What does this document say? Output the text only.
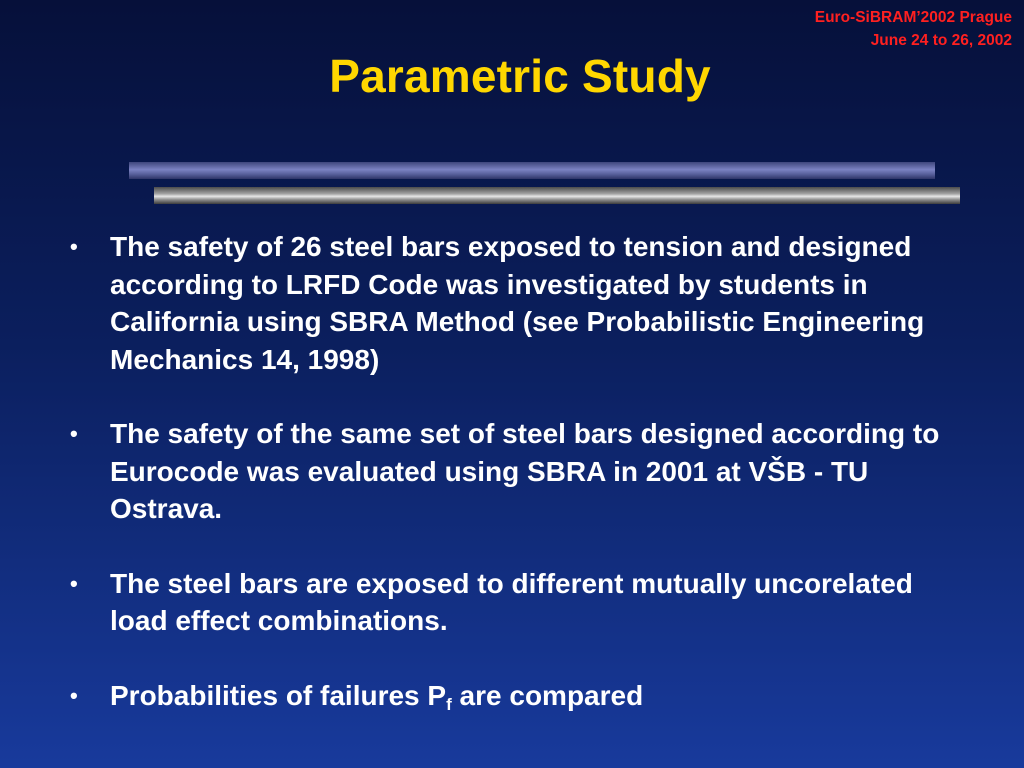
Euro-SiBRAM’2002 Prague
June 24 to 26, 2002
Parametric Study
• The safety of 26 steel bars exposed to tension and designed according to LRFD Code was investigated by students in California using SBRA Method (see Probabilistic Engineering Mechanics 14, 1998)
• The safety of the same set of steel bars designed according to Eurocode was evaluated using SBRA in 2001 at VŠB - TU Ostrava.
• The steel bars are exposed to different mutually uncorelated load effect combinations.
• Probabilities of failures $P_f$ are compared
